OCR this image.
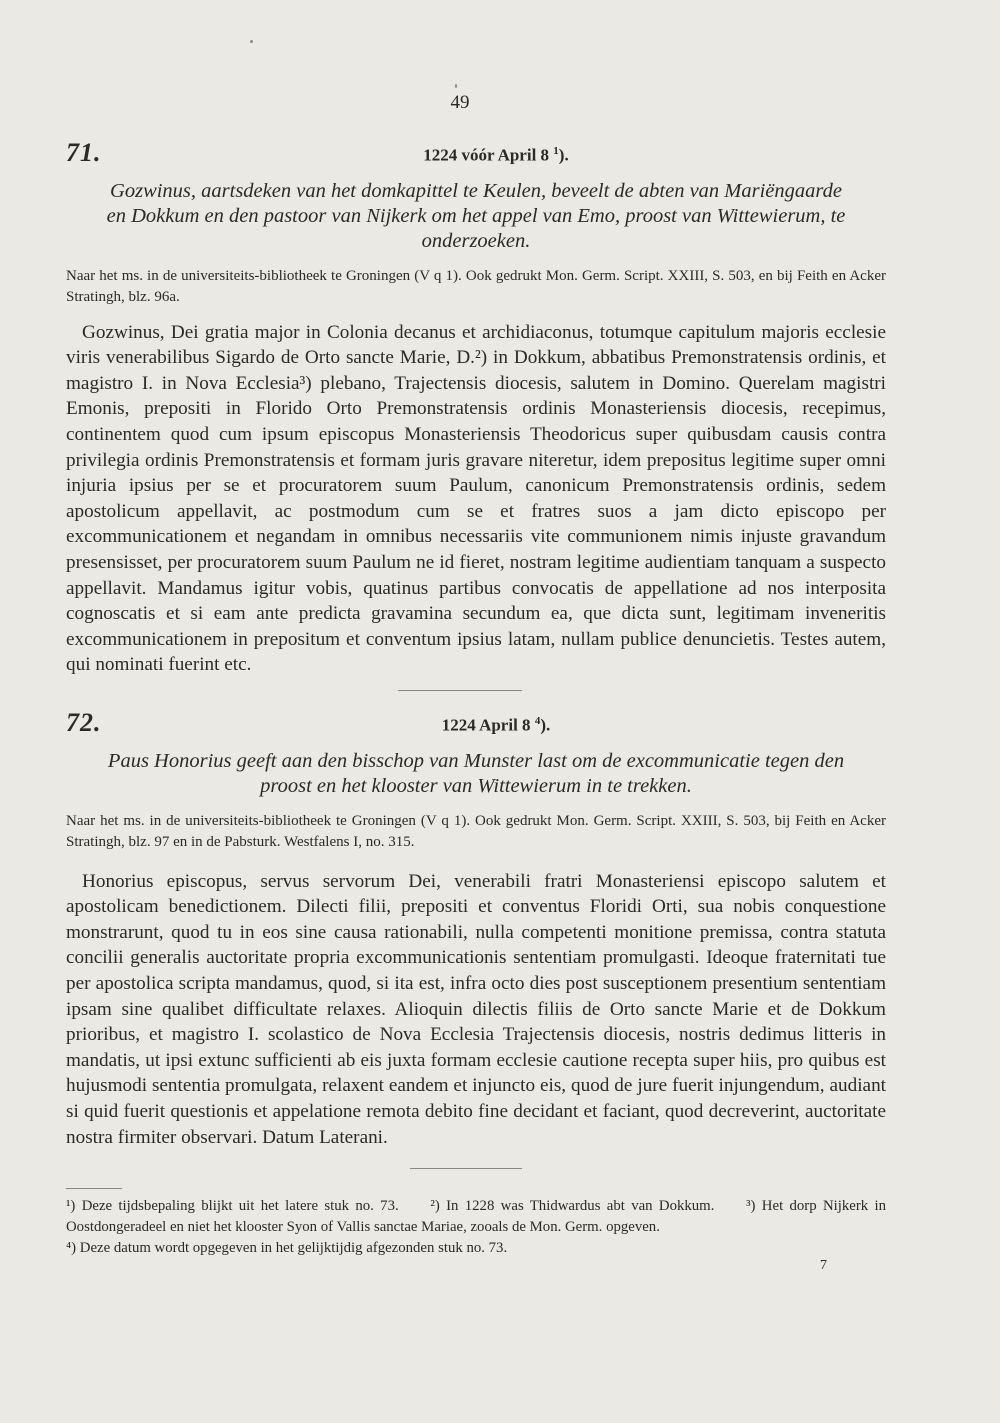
49
71.	1224 vóór April 8 $^1$).
Gozwinus, aartsdeken van het domkapittel te Keulen, beveelt de abten van Mariëngaarde en Dokkum en den pastoor van Nijkerk om het appel van Emo, proost van Wittewierum, te onderzoeken.
Naar het ms. in de universiteits-bibliotheek te Groningen (V q 1). Ook gedrukt Mon. Germ. Script. XXIII, S. 503, en bij Feith en Acker Stratingh, blz. 96a.
Gozwinus, Dei gratia major in Colonia decanus et archidiaconus, totumque capitulum majoris ecclesie viris venerabilibus Sigardo de Orto sancte Marie, D.²) in Dokkum, abbatibus Premonstratensis ordinis, et magistro I. in Nova Ecclesia³) plebano, Trajectensis diocesis, salutem in Domino. Querelam magistri Emonis, prepositi in Florido Orto Premonstratensis ordinis Monasteriensis diocesis, recepimus, continentem quod cum ipsum episcopus Monasteriensis Theodoricus super quibusdam causis contra privilegia ordinis Premonstratensis et formam juris gravare niteretur, idem prepositus legitime super omni injuria ipsius per se et procuratorem suum Paulum, canonicum Premonstratensis ordinis, sedem apostolicum appellavit, ac postmodum cum se et fratres suos a jam dicto episcopo per excommunicationem et negandam in omnibus necessariis vite communionem nimis injuste gravandum presensisset, per procuratorem suum Paulum ne id fieret, nostram legitime audientiam tanquam a suspecto appellavit. Mandamus igitur vobis, quatinus partibus convocatis de appellatione ad nos interposita cognoscatis et si eam ante predicta gravamina secundum ea, que dicta sunt, legitimam inveneritis excommunicationem in prepositum et conventum ipsius latam, nullam publice denuncietis. Testes autem, qui nominati fuerint etc.
72.	1224 April 8 $^4$).
Paus Honorius geeft aan den bisschop van Munster last om de excommunicatie tegen den proost en het klooster van Wittewierum in te trekken.
Naar het ms. in de universiteits-bibliotheek te Groningen (V q 1). Ook gedrukt Mon. Germ. Script. XXIII, S. 503, bij Feith en Acker Stratingh, blz. 97 en in de Pabsturk. Westfalens I, no. 315.
Honorius episcopus, servus servorum Dei, venerabili fratri Monasteriensi episcopo salutem et apostolicam benedictionem. Dilecti filii, prepositi et conventus Floridi Orti, sua nobis conquestione monstrarunt, quod tu in eos sine causa rationabili, nulla competenti monitione premissa, contra statuta concilii generalis auctoritate propria excommunicationis sententiam promulgasti. Ideoque fraternitati tue per apostolica scripta mandamus, quod, si ita est, infra octo dies post susceptionem presentium sententiam ipsam sine qualibet difficultate relaxes. Alioquin dilectis filiis de Orto sancte Marie et de Dokkum prioribus, et magistro I. scolastico de Nova Ecclesia Trajectensis diocesis, nostris dedimus litteris in mandatis, ut ipsi extunc sufficienti ab eis juxta formam ecclesie cautione recepta super hiis, pro quibus est hujusmodi sententia promulgata, relaxent eandem et injuncto eis, quod de jure fuerit injungendum, audiant si quid fuerit questionis et appelatione remota debito fine decidant et faciant, quod decreverint, auctoritate nostra firmiter observari. Datum Laterani.
¹) Deze tijdsbepaling blijkt uit het latere stuk no. 73. ²) In 1228 was Thidwardus abt van Dokkum. ³) Het dorp Nijkerk in Oostdongeradeel en niet het klooster Syon of Vallis sanctae Mariae, zooals de Mon. Germ. opgeven.
⁴) Deze datum wordt opgegeven in het gelijktijdig afgezonden stuk no. 73.
7
